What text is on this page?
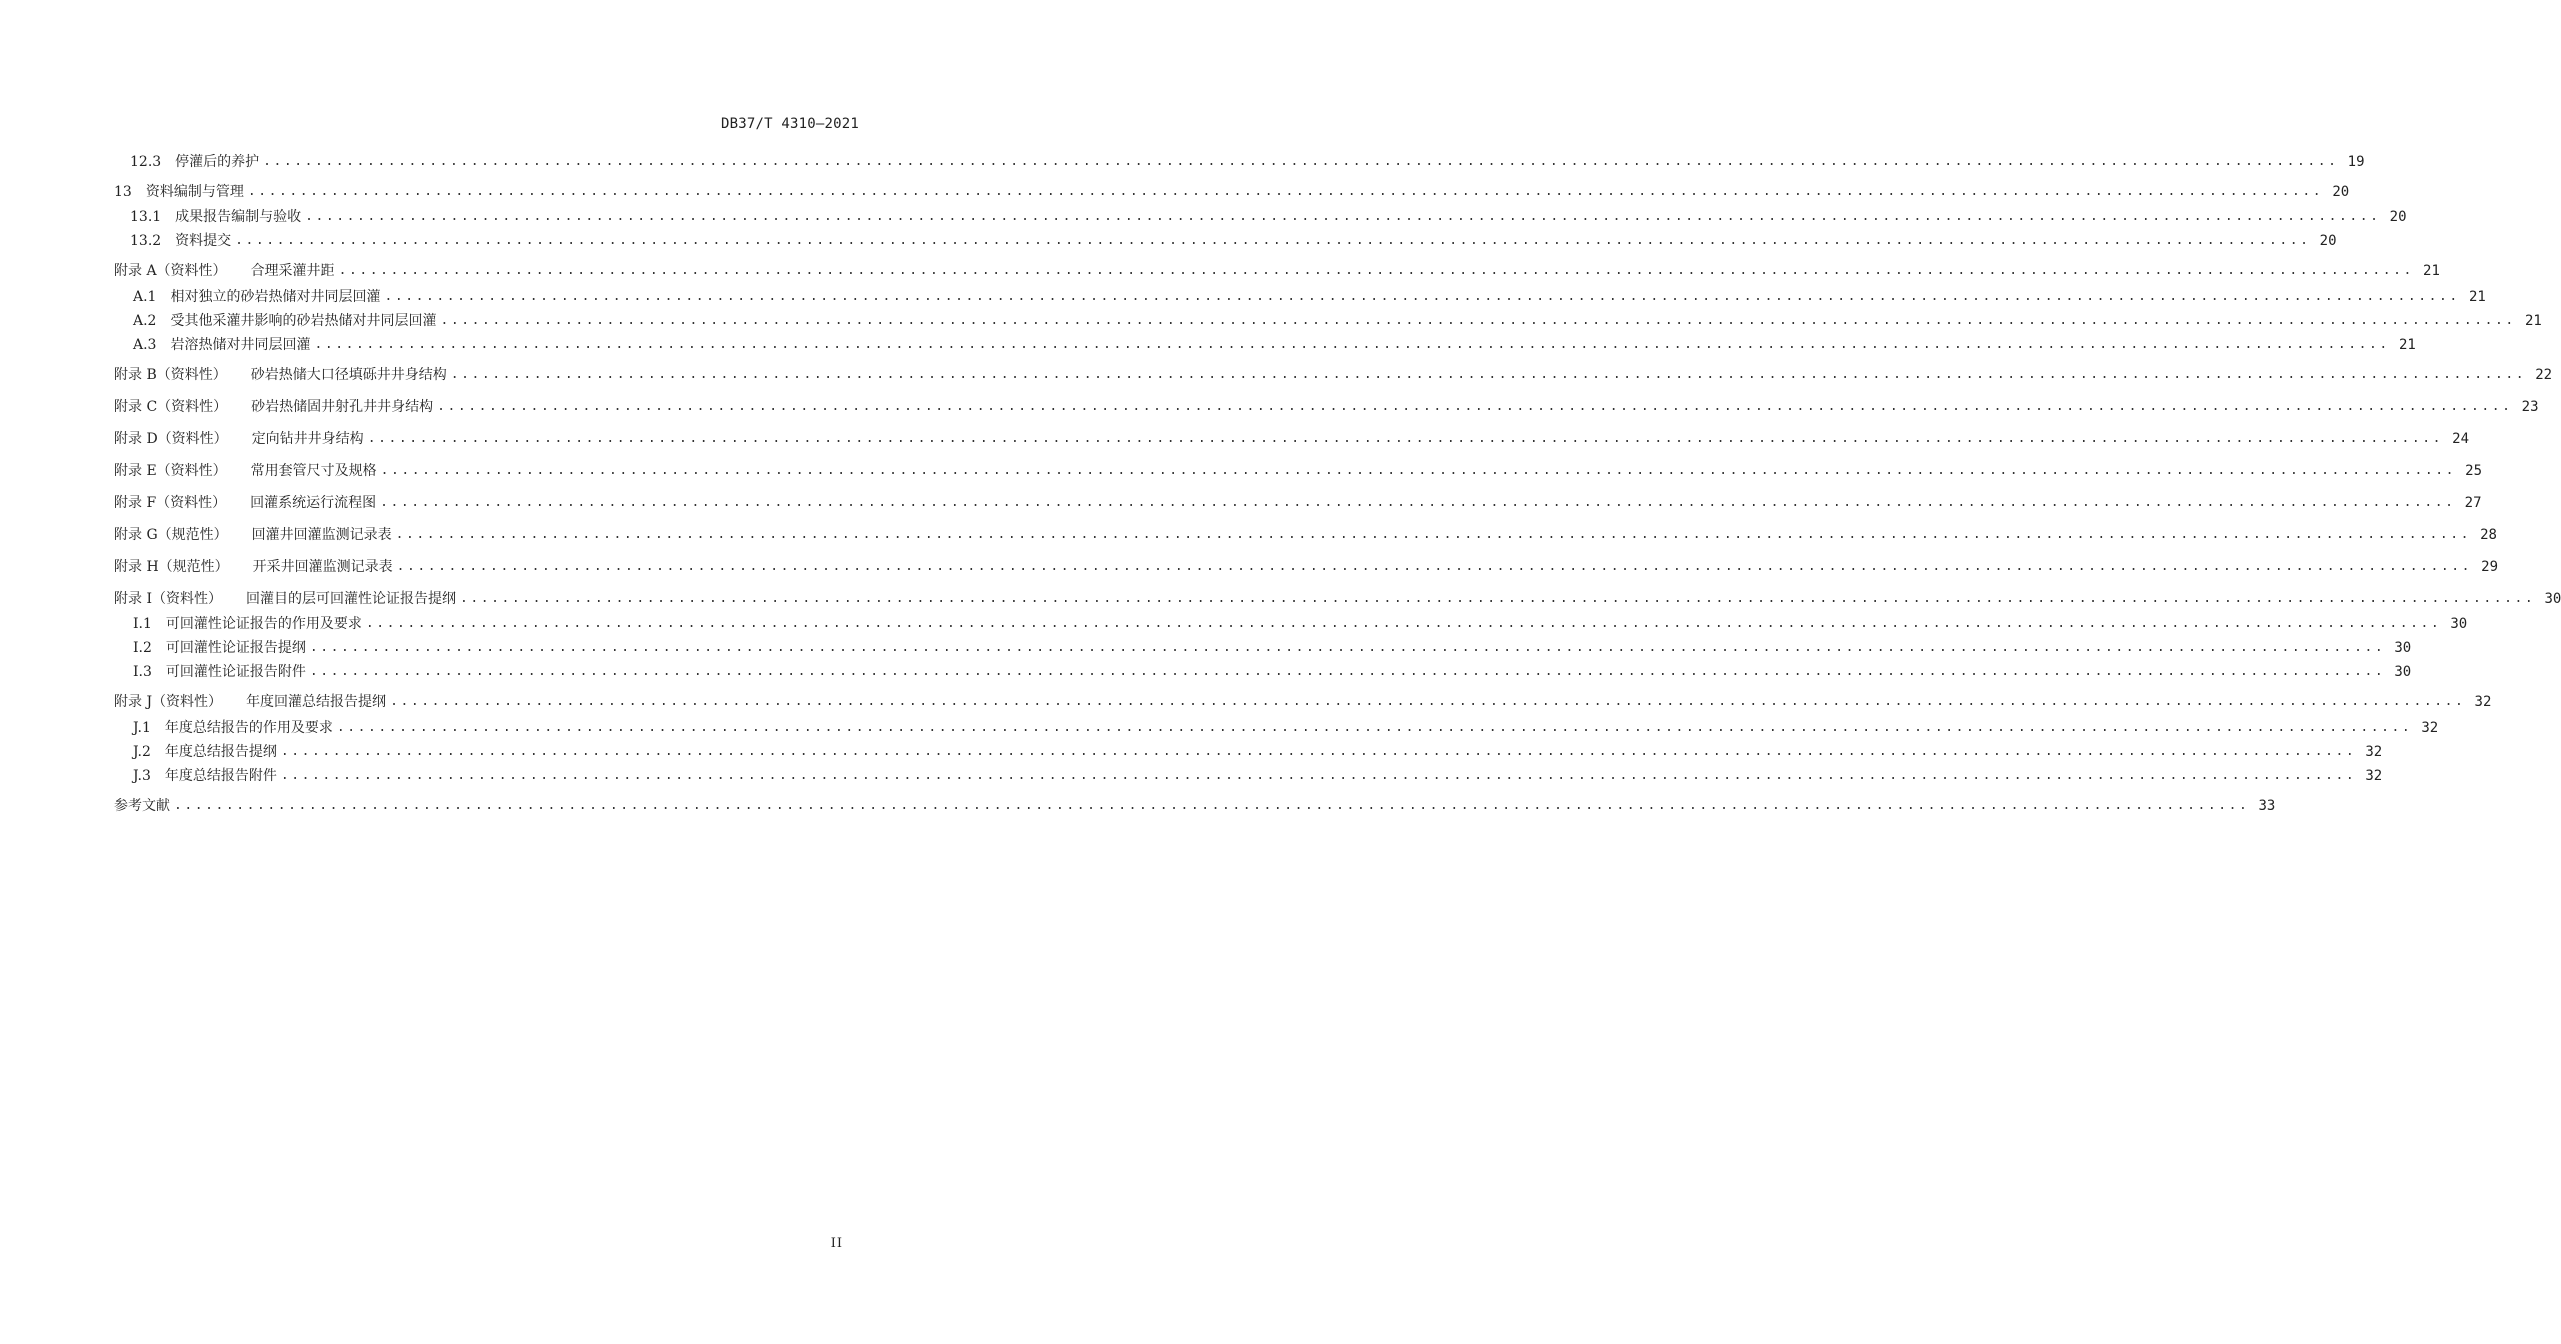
DB37/T 4310—2021
12.3 停灌后的养护 ........................................................................................................................................................................................................ 19
13 资料编制与管理 ........................................................................................................................................................................................................ 20
13.1 成果报告编制与验收 ........................................................................................................................................................................................................ 20
13.2 资料提交 ........................................................................................................................................................................................................ 20
附录 A（资料性） 合理采灌井距 ........................................................................................................................................................................................................ 21
A.1 相对独立的砂岩热储对井同层回灌 ........................................................................................................................................................................................................ 21
A.2 受其他采灌井影响的砂岩热储对井同层回灌 ........................................................................................................................................................................................................ 21
A.3 岩溶热储对井同层回灌 ........................................................................................................................................................................................................ 21
附录 B（资料性） 砂岩热储大口径填砾井井身结构 ........................................................................................................................................................................................................ 22
附录 C（资料性） 砂岩热储固井射孔井井身结构 ........................................................................................................................................................................................................ 23
附录 D（资料性） 定向钻井井身结构 ........................................................................................................................................................................................................ 24
附录 E（资料性） 常用套管尺寸及规格 ........................................................................................................................................................................................................ 25
附录 F（资料性） 回灌系统运行流程图 ........................................................................................................................................................................................................ 27
附录 G（规范性） 回灌井回灌监测记录表 ........................................................................................................................................................................................................ 28
附录 H（规范性） 开采井回灌监测记录表 ........................................................................................................................................................................................................ 29
附录 I（资料性） 回灌目的层可回灌性论证报告提纲 ........................................................................................................................................................................................................ 30
I.1 可回灌性论证报告的作用及要求 ........................................................................................................................................................................................................ 30
I.2 可回灌性论证报告提纲 ........................................................................................................................................................................................................ 30
I.3 可回灌性论证报告附件 ........................................................................................................................................................................................................ 30
附录 J（资料性） 年度回灌总结报告提纲 ........................................................................................................................................................................................................ 32
J.1 年度总结报告的作用及要求 ........................................................................................................................................................................................................ 32
J.2 年度总结报告提纲 ........................................................................................................................................................................................................ 32
J.3 年度总结报告附件 ........................................................................................................................................................................................................ 32
参考文献 ........................................................................................................................................................................................................ 33
II
